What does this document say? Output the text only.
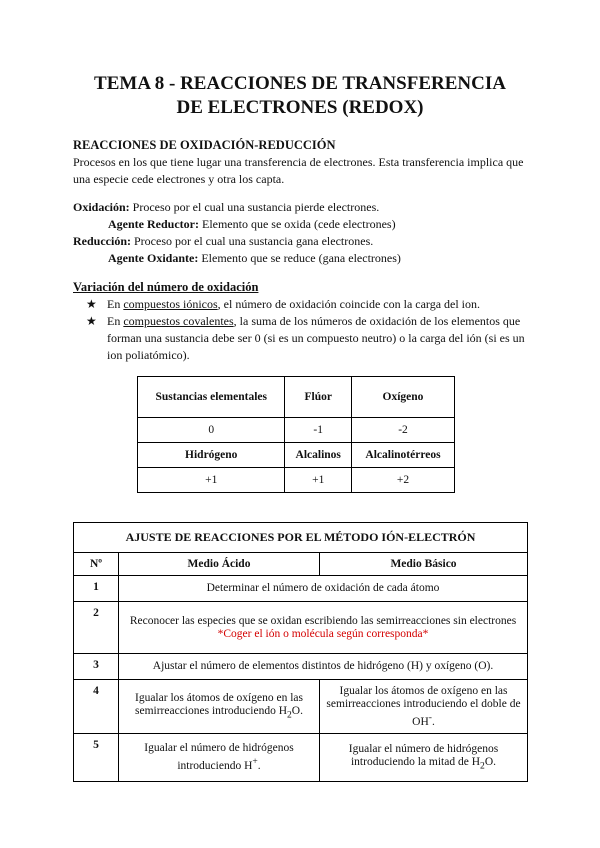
TEMA 8 - REACCIONES DE TRANSFERENCIA
DE ELECTRONES (REDOX)
REACCIONES DE OXIDACIÓN-REDUCCIÓN
Procesos en los que tiene lugar una transferencia de electrones. Esta transferencia implica que una especie cede electrones y otra los capta.
Oxidación: Proceso por el cual una sustancia pierde electrones.
Agente Reductor: Elemento que se oxida (cede electrones)
Reducción: Proceso por el cual una sustancia gana electrones.
Agente Oxidante: Elemento que se reduce (gana electrones)
Variación del número de oxidación
★ En compuestos iónicos, el número de oxidación coincide con la carga del ion.
★ En compuestos covalentes, la suma de los números de oxidación de los elementos que forman una sustancia debe ser 0 (si es un compuesto neutro) o la carga del ión (si es un ion poliatómico).
Sustancias elementales	Flúor	Oxígeno
0	-1	-2
Hidrógeno	Alcalinos	Alcalinotérreos
+1	+1	+2
AJUSTE DE REACCIONES POR EL MÉTODO IÓN-ELECTRÓN		
Nº	Medio Ácido	Medio Básico
1	Determinar el número de oxidación de cada átomo	
2	Reconocer las especies que se oxidan escribiendo las semirreacciones sin electrones
*Coger el ión o molécula según corresponda*	

3	Ajustar el número de elementos distintos de hidrógeno (H) y oxígeno (O).	
4	Igualar los átomos de oxígeno en las semirreacciones introduciendo $H_2O$.	Igualar los átomos de oxígeno en las semirreacciones introduciendo el doble de OH-.
5	Igualar el número de hidrógenos introduciendo H+.	Igualar el número de hidrógenos introduciendo la mitad de $H_2O$.
